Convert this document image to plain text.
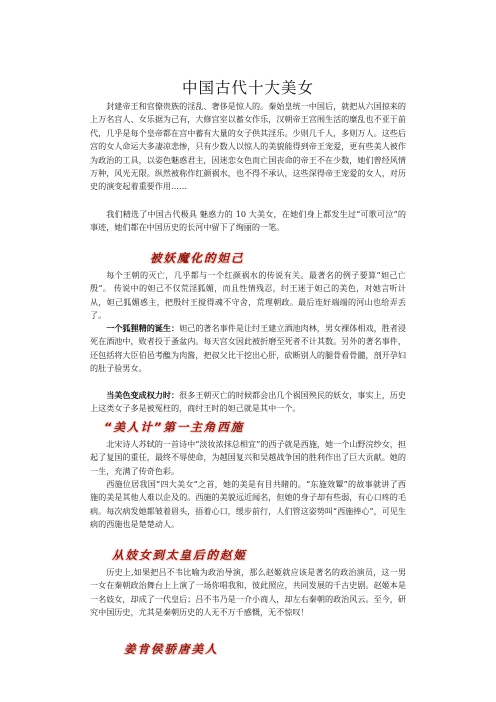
中国古代十大美女

封建帝王和官僚贵族的淫乱、奢侈是惊人的。秦始皇统一中国后，就把从六国掠来的上万名宫人、女乐据为己有，大修宫室以蓄女作乐，汉朝帝王宫闱生活的糜乱也不亚于前代，几乎是每个皇帝都在宫中蓄有大量的女子供其淫乐。少则几千人，多则万人。这些后宫的女人命运大多凄凉悲惨，只有少数人以惊人的美貌能得到帝王宠爱，更有些美人被作为政治的工具，以姿色魅惑君主，因迷恋女色而亡国丧命的帝王不在少数，她们曾经风情万种，风光无限。纵然被称作红颜祸水，也不得不承认，这些深得帝王宠爱的女人，对历史的演变起着重要作用……

我们精选了中国古代极具 魅惑力的 10 大美女，在她们身上都发生过“可歌可泣”的事迹，她们都在中国历史的长河中留下了绚丽的一笔。

被妖魔化的妲己

每个王朝的灭亡，几乎都与一个红颜祸水的传说有关。最著名的例子要算“妲己亡殷”。 传说中的妲己不仅荒淫狐媚，而且性情残忍，纣王迷于妲己的美色，对她言听计从，妲己狐媚惑主，把殷纣王搅得魂不守舍，荒理朝政。最后连好端端的河山也给弄丢了。

一个狐狸精的诞生：妲己的著名事件是让纣王建立酒池肉林，男女裸体相戏，胜者浸死在酒池中，败者投于蚤盆内。每天宫女因此被折磨至死者不计其数。另外的著名事件，还包括将大臣伯邑考醢为肉酱，把叔父比干挖出心肝，砍断别人的腿骨看骨髓，剖开孕妇的肚子验男女。

当美色变成权力时：很多王朝灭亡的时候都会出几个祸国殃民的妖女，事实上，历史上这类女子多是被冤枉的，商纣王时的妲己就是其中一个。

“美人计”第一主角西施

北宋诗人苏轼的一首诗中“淡妆浓抹总相宜”的西子就是西施，她一个山野浣纱女，担起了复国的重任，最终不辱使命，为越国复兴和吴越战争国的胜利作出了巨大贡献。她的一生，充满了传奇色彩。

西施位居我国“四大美女”之首，她的美是有目共睹的。“东施效颦”的故事就讲了西施的美是其他人难以企及的。西施的美貌远近闻名，但她的身子却有些弱，有心口疼的毛病。每次病发她都皱着眉头，捂着心口，缓步前行，人们管这姿势叫“西施捧心”，可见生病的西施也是楚楚动人。

从妓女到太皇后的赵姬

历史上,如果把吕不韦比喻为政治导演，那么赵姬就应该是著名的政治演员，这一男一女在秦朝政治舞台上上演了一场你唱我和，彼此照应，共同发展的千古史剧。赵姬本是一名妓女，却成了一代皇后；吕不韦乃是一介小商人，却左右秦朝的政治风云。至今，研究中国历史，尤其是秦朝历史的人无不万千感慨，无不惊叹！

姜肯侯骄唐美人
